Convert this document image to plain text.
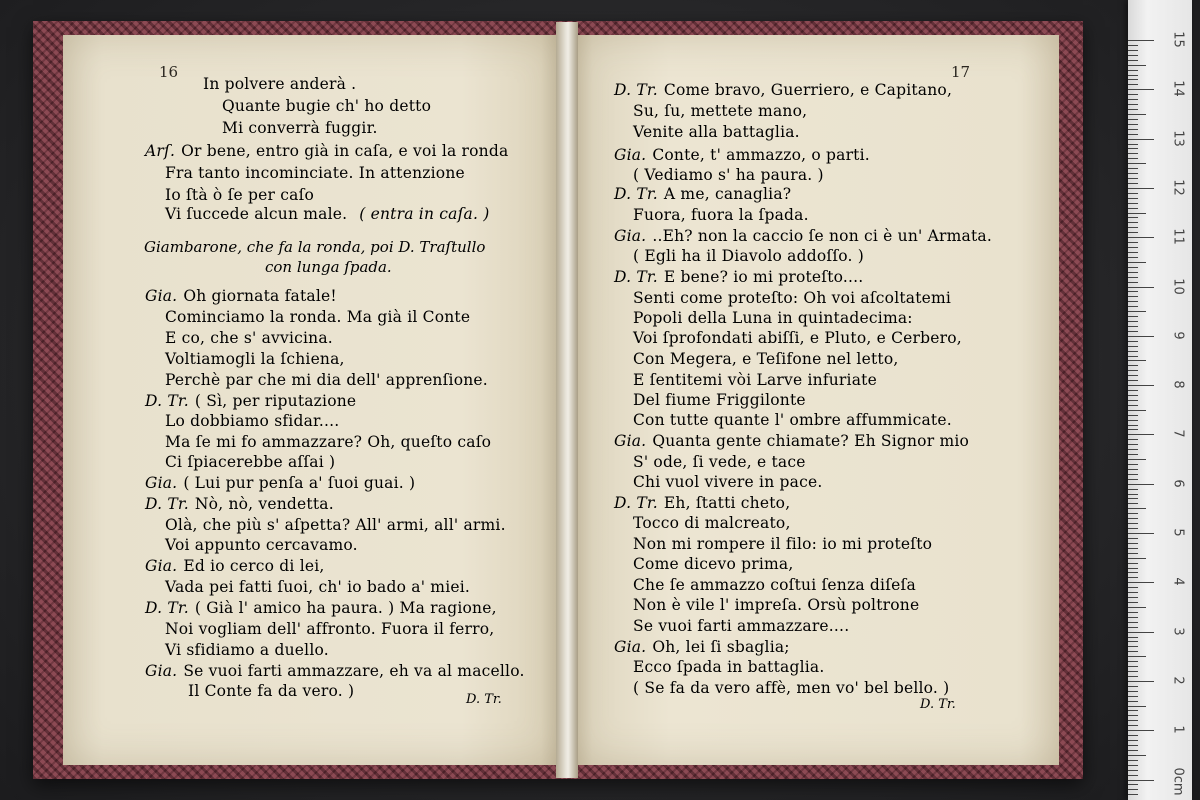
16	17
In polvere anderà .
Quante bugie ch' ho detto
Mi converrà fuggir.
Arſ. Or bene, entro già in caſa, e voi la ronda
Fra tanto incominciate. In attenzione
Io ſtà ò ſe per caſo
Vi ſuccede alcun male. ( entra in caſa. )
Gia. Oh giornata fatale!
Cominciamo la ronda. Ma già il Conte
E co, che s' avvicina.
Voltiamogli la ſchiena,
Perchè par che mi dia dell' apprenſione.
D. Tr. ( Sì, per riputazione
Lo dobbiamo sfidar....
Ma ſe mi fo ammazzare? Oh, queſto caſo
Ci ſpiacerebbe aſſai )
Gia. ( Lui pur penſa a' ſuoi guai. )
D. Tr. Nò, nò, vendetta.
Olà, che più s' aſpetta? All' armi, all' armi.
Voi appunto cercavamo.
Gia. Ed io cerco di lei,
Vada pei fatti ſuoi, ch' io bado a' miei.
D. Tr. ( Già l' amico ha paura. ) Ma ragione,
Noi vogliam dell' affronto. Fuora il ferro,
Vi sfidiamo a duello.
Gia. Se vuoi farti ammazzare, eh va al macello.
Il Conte fa da vero. )
Giambarone, che fa la ronda, poi D. Traſtullo
con lunga ſpada.
D. Tr.
D. Tr. Come bravo, Guerriero, e Capitano,
Su, ſu, mettete mano,
Venite alla battaglia.
Gia. Conte, t' ammazzo, o parti.
( Vediamo s' ha paura. )
D. Tr. A me, canaglia?
Fuora, fuora la ſpada.
Gia. ..Eh? non la caccio ſe non ci è un' Armata.
( Egli ha il Diavolo addoſſo. )
D. Tr. E bene? io mi proteſto....
Senti come proteſto: Oh voi aſcoltatemi
Popoli della Luna in quintadecima:
Voi ſprofondati abiſſi, e Pluto, e Cerbero,
Con Megera, e Teſifone nel letto,
E ſentitemi vòi Larve infuriate
Del fiume Friggilonte
Con tutte quante l' ombre affummicate.
Gia. Quanta gente chiamate? Eh Signor mio
S' ode, ſi vede, e tace
Chi vuol vivere in pace.
D. Tr. Eh, ſtatti cheto,
Tocco di malcreato,
Non mi rompere il filo: io mi proteſto
Come dicevo prima,
Che ſe ammazzo coſtui ſenza diſeſa
Non è vile l' impreſa. Orsù poltrone
Se vuoi farti ammazzare....
Gia. Oh, lei ſi sbaglia;
Ecco ſpada in battaglia.
( Se fa da vero affè, men vo' bel bello. )
D. Tr.
15
14
13
12
11
10
9
8
7
6
5
4
3
2
1
0cm
